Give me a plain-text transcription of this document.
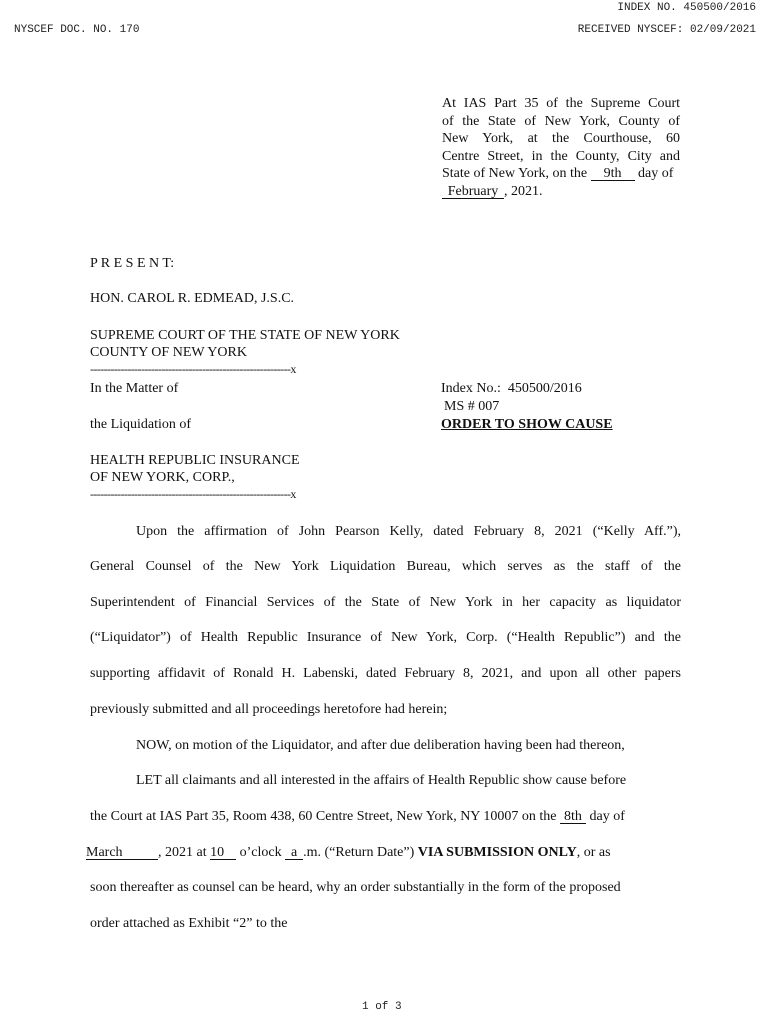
INDEX NO. 450500/2016
NYSCEF DOC. NO. 170	RECEIVED NYSCEF: 02/09/2021
At IAS Part 35 of the Supreme Court
of the State of New York, County of
New York, at the Courthouse, 60
Centre Street, in the County, City and
State of New York, on the 9th day of
February , 2021.
P R E S E N T:
HON. CAROL R. EDMEAD, J.S.C.
SUPREME COURT OF THE STATE OF NEW YORK
COUNTY OF NEW YORK
-----------------------------------------------------------x
In the Matter of
the Liquidation of
HEALTH REPUBLIC INSURANCE
OF NEW YORK, CORP.,
-----------------------------------------------------------x
Index No.:  450500/2016
MS # 007
ORDER TO SHOW CAUSE
Upon the affirmation of John Pearson Kelly, dated February 8, 2021 (“Kelly Aff.”),
General Counsel of the New York Liquidation Bureau, which serves as the staff of the
Superintendent of Financial Services of the State of New York in her capacity as liquidator
(“Liquidator”) of Health Republic Insurance of New York, Corp. (“Health Republic”) and the
supporting affidavit of Ronald H. Labenski, dated February 8, 2021, and upon all other papers
previously submitted and all proceedings heretofore had herein;
NOW, on motion of the Liquidator, and after due deliberation having been had thereon,
LET all claimants and all interested in the affairs of Health Republic show cause before
the Court at IAS Part 35, Room 438, 60 Centre Street, New York, NY 10007 on the 8th day of
March	, 2021 at 10 o’clock a .m. (“Return Date”) VIA SUBMISSION ONLY, or as
soon thereafter as counsel can be heard, why an order substantially in the form of the proposed
order attached as Exhibit “2” to the
1 of 3
